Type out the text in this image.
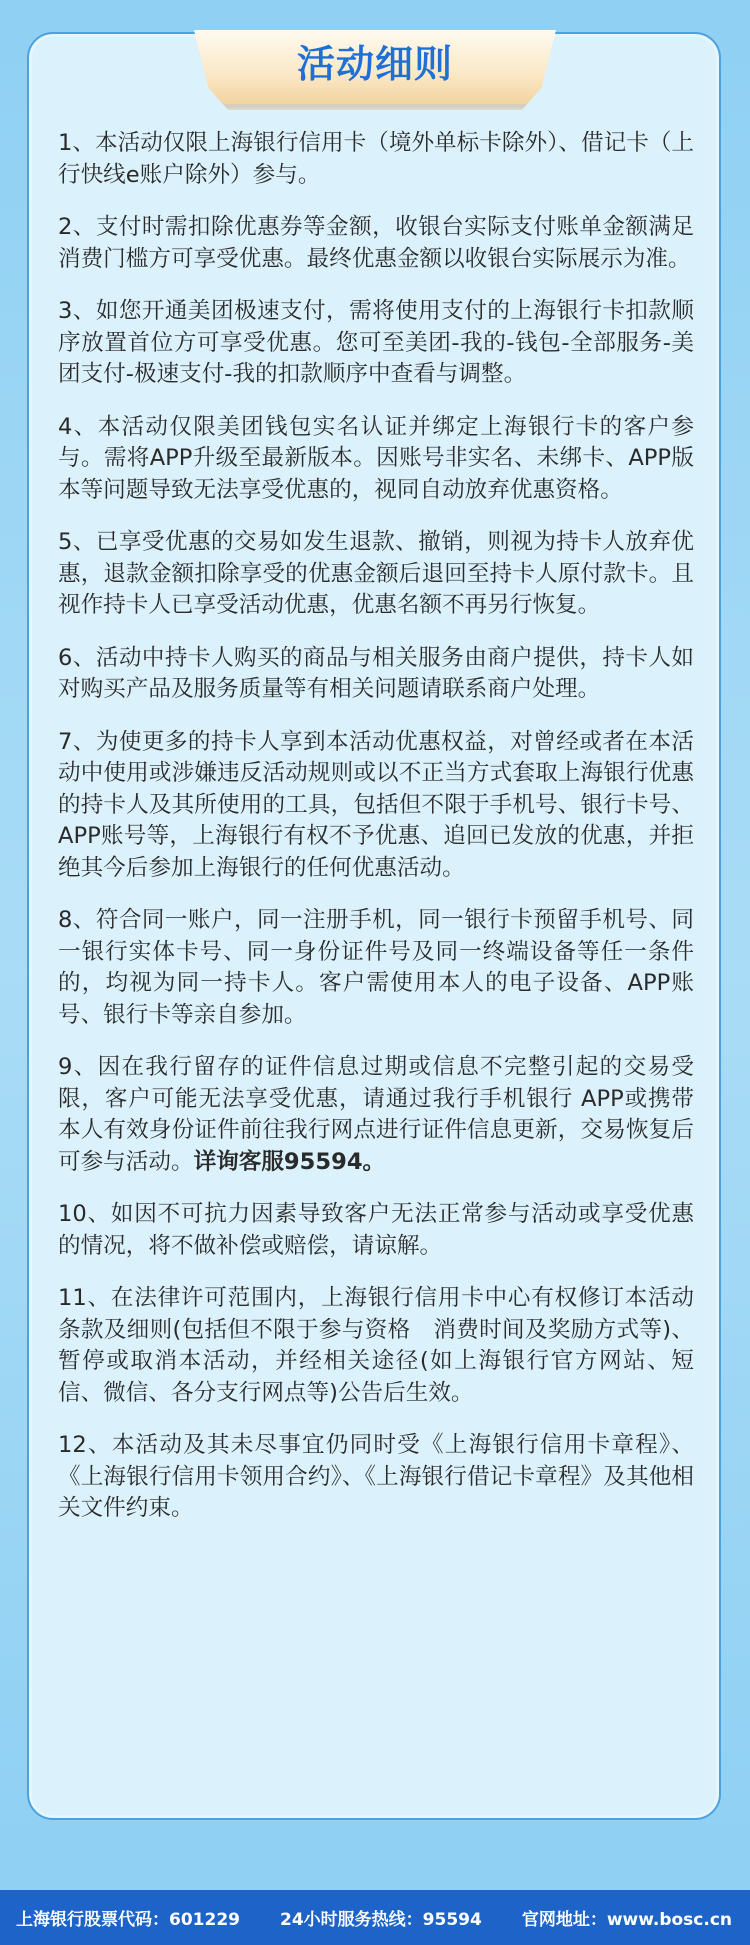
活动细则

1、本活动仅限上海银行信用卡（境外单标卡除外）、借记卡（上行快线e账户除外）参与。

2、支付时需扣除优惠券等金额，收银台实际支付账单金额满足消费门槛方可享受优惠。最终优惠金额以收银台实际展示为准。

3、如您开通美团极速支付，需将使用支付的上海银行卡扣款顺序放置首位方可享受优惠。您可至美团-我的-钱包-全部服务-美团支付-极速支付-我的扣款顺序中查看与调整。

4、本活动仅限美团钱包实名认证并绑定上海银行卡的客户参与。需将APP升级至最新版本。因账号非实名、未绑卡、APP版本等问题导致无法享受优惠的，视同自动放弃优惠资格。

5、已享受优惠的交易如发生退款、撤销，则视为持卡人放弃优惠，退款金额扣除享受的优惠金额后退回至持卡人原付款卡。且视作持卡人已享受活动优惠，优惠名额不再另行恢复。

6、活动中持卡人购买的商品与相关服务由商户提供，持卡人如对购买产品及服务质量等有相关问题请联系商户处理。

7、为使更多的持卡人享到本活动优惠权益，对曾经或者在本活动中使用或涉嫌违反活动规则或以不正当方式套取上海银行优惠的持卡人及其所使用的工具，包括但不限于手机号、银行卡号、APP账号等，上海银行有权不予优惠、追回已发放的优惠，并拒绝其今后参加上海银行的任何优惠活动。

8、符合同一账户，同一注册手机，同一银行卡预留手机号、同一银行实体卡号、同一身份证件号及同一终端设备等任一条件的，均视为同一持卡人。客户需使用本人的电子设备、APP账号、银行卡等亲自参加。

9、因在我行留存的证件信息过期或信息不完整引起的交易受限，客户可能无法享受优惠，请通过我行手机银行 APP或携带本人有效身份证件前往我行网点进行证件信息更新，交易恢复后可参与活动。详询客服95594。

10、如因不可抗力因素导致客户无法正常参与活动或享受优惠的情况，将不做补偿或赔偿，请谅解。

11、在法律许可范围内，上海银行信用卡中心有权修订本活动条款及细则(包括但不限于参与资格　消费时间及奖励方式等)、暂停或取消本活动，并经相关途径(如上海银行官方网站、短信、微信、各分支行网点等)公告后生效。

12、本活动及其未尽事宜仍同时受《上海银行信用卡章程》、《上海银行信用卡领用合约》、《上海银行借记卡章程》及其他相关文件约束。

上海银行股票代码：601229 24小时服务热线：95594 官网地址：www.bosc.cn
